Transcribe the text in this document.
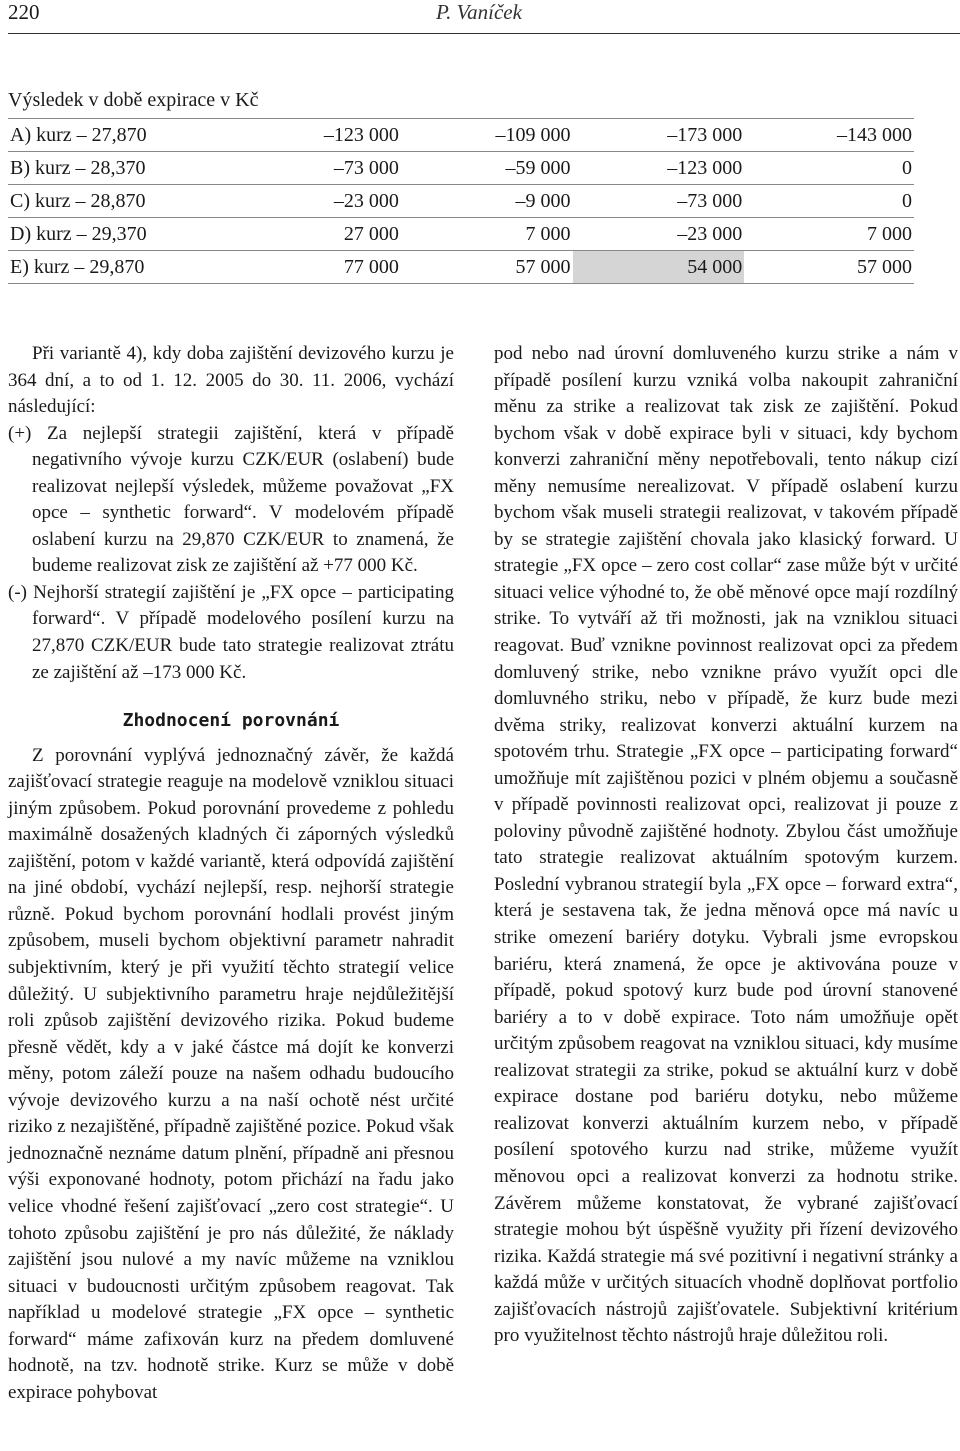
220	P. Vaníček
Výsledek v době expirace v Kč
A) kurz – 27,870	–123 000	–109 000	–173 000	–143 000
B) kurz – 28,370	–73 000	–59 000	–123 000	0
C) kurz – 28,870	–23 000	–9 000	–73 000	0
D) kurz – 29,370	27 000	7 000	–23 000	7 000
E) kurz – 29,870	77 000	57 000	54 000	57 000

Při variantě 4), kdy doba zajištění devizového kurzu je 364 dní, a to od 1. 12. 2005 do 30. 11. 2006, vychází následující:

(+) Za nejlepší strategii zajištění, která v případě negativního vývoje kurzu CZK/EUR (oslabení) bude realizovat nejlepší výsledek, můžeme považovat „FX opce – synthetic forward“. V modelovém případě oslabení kurzu na 29,870 CZK/EUR to znamená, že budeme realizovat zisk ze zajištění až +77 000 Kč.

(-) Nejhorší strategií zajištění je „FX opce – participating forward“. V případě modelového posílení kurzu na 27,870 CZK/EUR bude tato strategie realizovat ztrátu ze zajištění až –173 000 Kč.

Zhodnocení porovnání

Z porovnání vyplývá jednoznačný závěr, že každá zajišťovací strategie reaguje na modelově vzniklou situaci jiným způsobem. Pokud porovnání provedeme z pohledu maximálně dosažených kladných či záporných výsledků zajištění, potom v každé variantě, která odpovídá zajištění na jiné období, vychází nejlepší, resp. nejhorší strategie různě. Pokud bychom porovnání hodlali provést jiným způsobem, museli bychom objektivní parametr nahradit subjektivním, který je při využití těchto strategií velice důležitý. U subjektivního parametru hraje nejdůležitější roli způsob zajištění devizového rizika. Pokud budeme přesně vědět, kdy a v jaké částce má dojít ke konverzi měny, potom záleží pouze na našem odhadu budoucího vývoje devizového kurzu a na naší ochotě nést určité riziko z nezajištěné, případně zajištěné pozice. Pokud však jednoznačně neznáme datum plnění, případně ani přesnou výši exponované hodnoty, potom přichází na řadu jako velice vhodné řešení zajišťovací „zero cost strategie“. U tohoto způsobu zajištění je pro nás důležité, že náklady zajištění jsou nulové a my navíc můžeme na vzniklou situaci v budoucnosti určitým způsobem reagovat. Tak například u modelové strategie „FX opce – synthetic forward“ máme zafixován kurz na předem domluvené hodnotě, na tzv. hodnotě strike. Kurz se může v době expirace pohybovat

pod nebo nad úrovní domluveného kurzu strike a nám v případě posílení kurzu vzniká volba nakoupit zahraniční měnu za strike a realizovat tak zisk ze zajištění. Pokud bychom však v době expirace byli v situaci, kdy bychom konverzi zahraniční měny nepotřebovali, tento nákup cizí měny nemusíme nerealizovat. V případě oslabení kurzu bychom však museli strategii realizovat, v takovém případě by se strategie zajištění chovala jako klasický forward. U strategie „FX opce – zero cost collar“ zase může být v určité situaci velice výhodné to, že obě měnové opce mají rozdílný strike. To vytváří až tři možnosti, jak na vzniklou situaci reagovat. Buď vznikne povinnost realizovat opci za předem domluvený strike, nebo vznikne právo využít opci dle domluvného striku, nebo v případě, že kurz bude mezi dvěma striky, realizovat konverzi aktuální kurzem na spotovém trhu. Strategie „FX opce – participating forward“ umožňuje mít zajištěnou pozici v plném objemu a současně v případě povinnosti realizovat opci, realizovat ji pouze z poloviny původně zajištěné hodnoty. Zbylou část umožňuje tato strategie realizovat aktuálním spotovým kurzem. Poslední vybranou strategií byla „FX opce – forward extra“, která je sestavena tak, že jedna měnová opce má navíc u strike omezení bariéry dotyku. Vybrali jsme evropskou bariéru, která znamená, že opce je aktivována pouze v případě, pokud spotový kurz bude pod úrovní stanovené bariéry a to v době expirace. Toto nám umožňuje opět určitým způsobem reagovat na vzniklou situaci, kdy musíme realizovat strategii za strike, pokud se aktuální kurz v době expirace dostane pod bariéru dotyku, nebo můžeme realizovat konverzi aktuálním kurzem nebo, v případě posílení spotového kurzu nad strike, můžeme využít měnovou opci a realizovat konverzi za hodnotu strike. Závěrem můžeme konstatovat, že vybrané zajišťovací strategie mohou být úspěšně využity při řízení devizového rizika. Každá strategie má své pozitivní i negativní stránky a každá může v určitých situacích vhodně doplňovat portfolio zajišťovacích nástrojů zajišťovatele. Subjektivní kritérium pro využitelnost těchto nástrojů hraje důležitou roli.
